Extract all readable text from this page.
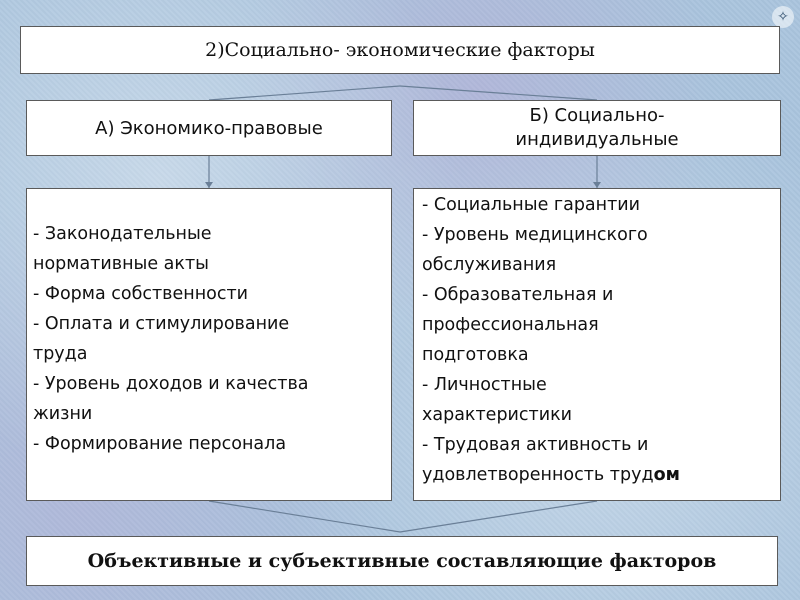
✧
2)Социально- экономические факторы
А) Экономико-правовые
Б) Социально-
индивидуальные
- Законодательные
нормативные акты
- Форма собственности
- Оплата и стимулирование
труда
- Уровень доходов и качества
жизни
- Формирование персонала
- Социальные гарантии
- Уровень медицинского
обслуживания
- Образовательная и
профессиональная
подготовка
- Личностные
характеристики
- Трудовая активность и
удовлетворенность трудом
Объективные и субъективные составляющие факторов
